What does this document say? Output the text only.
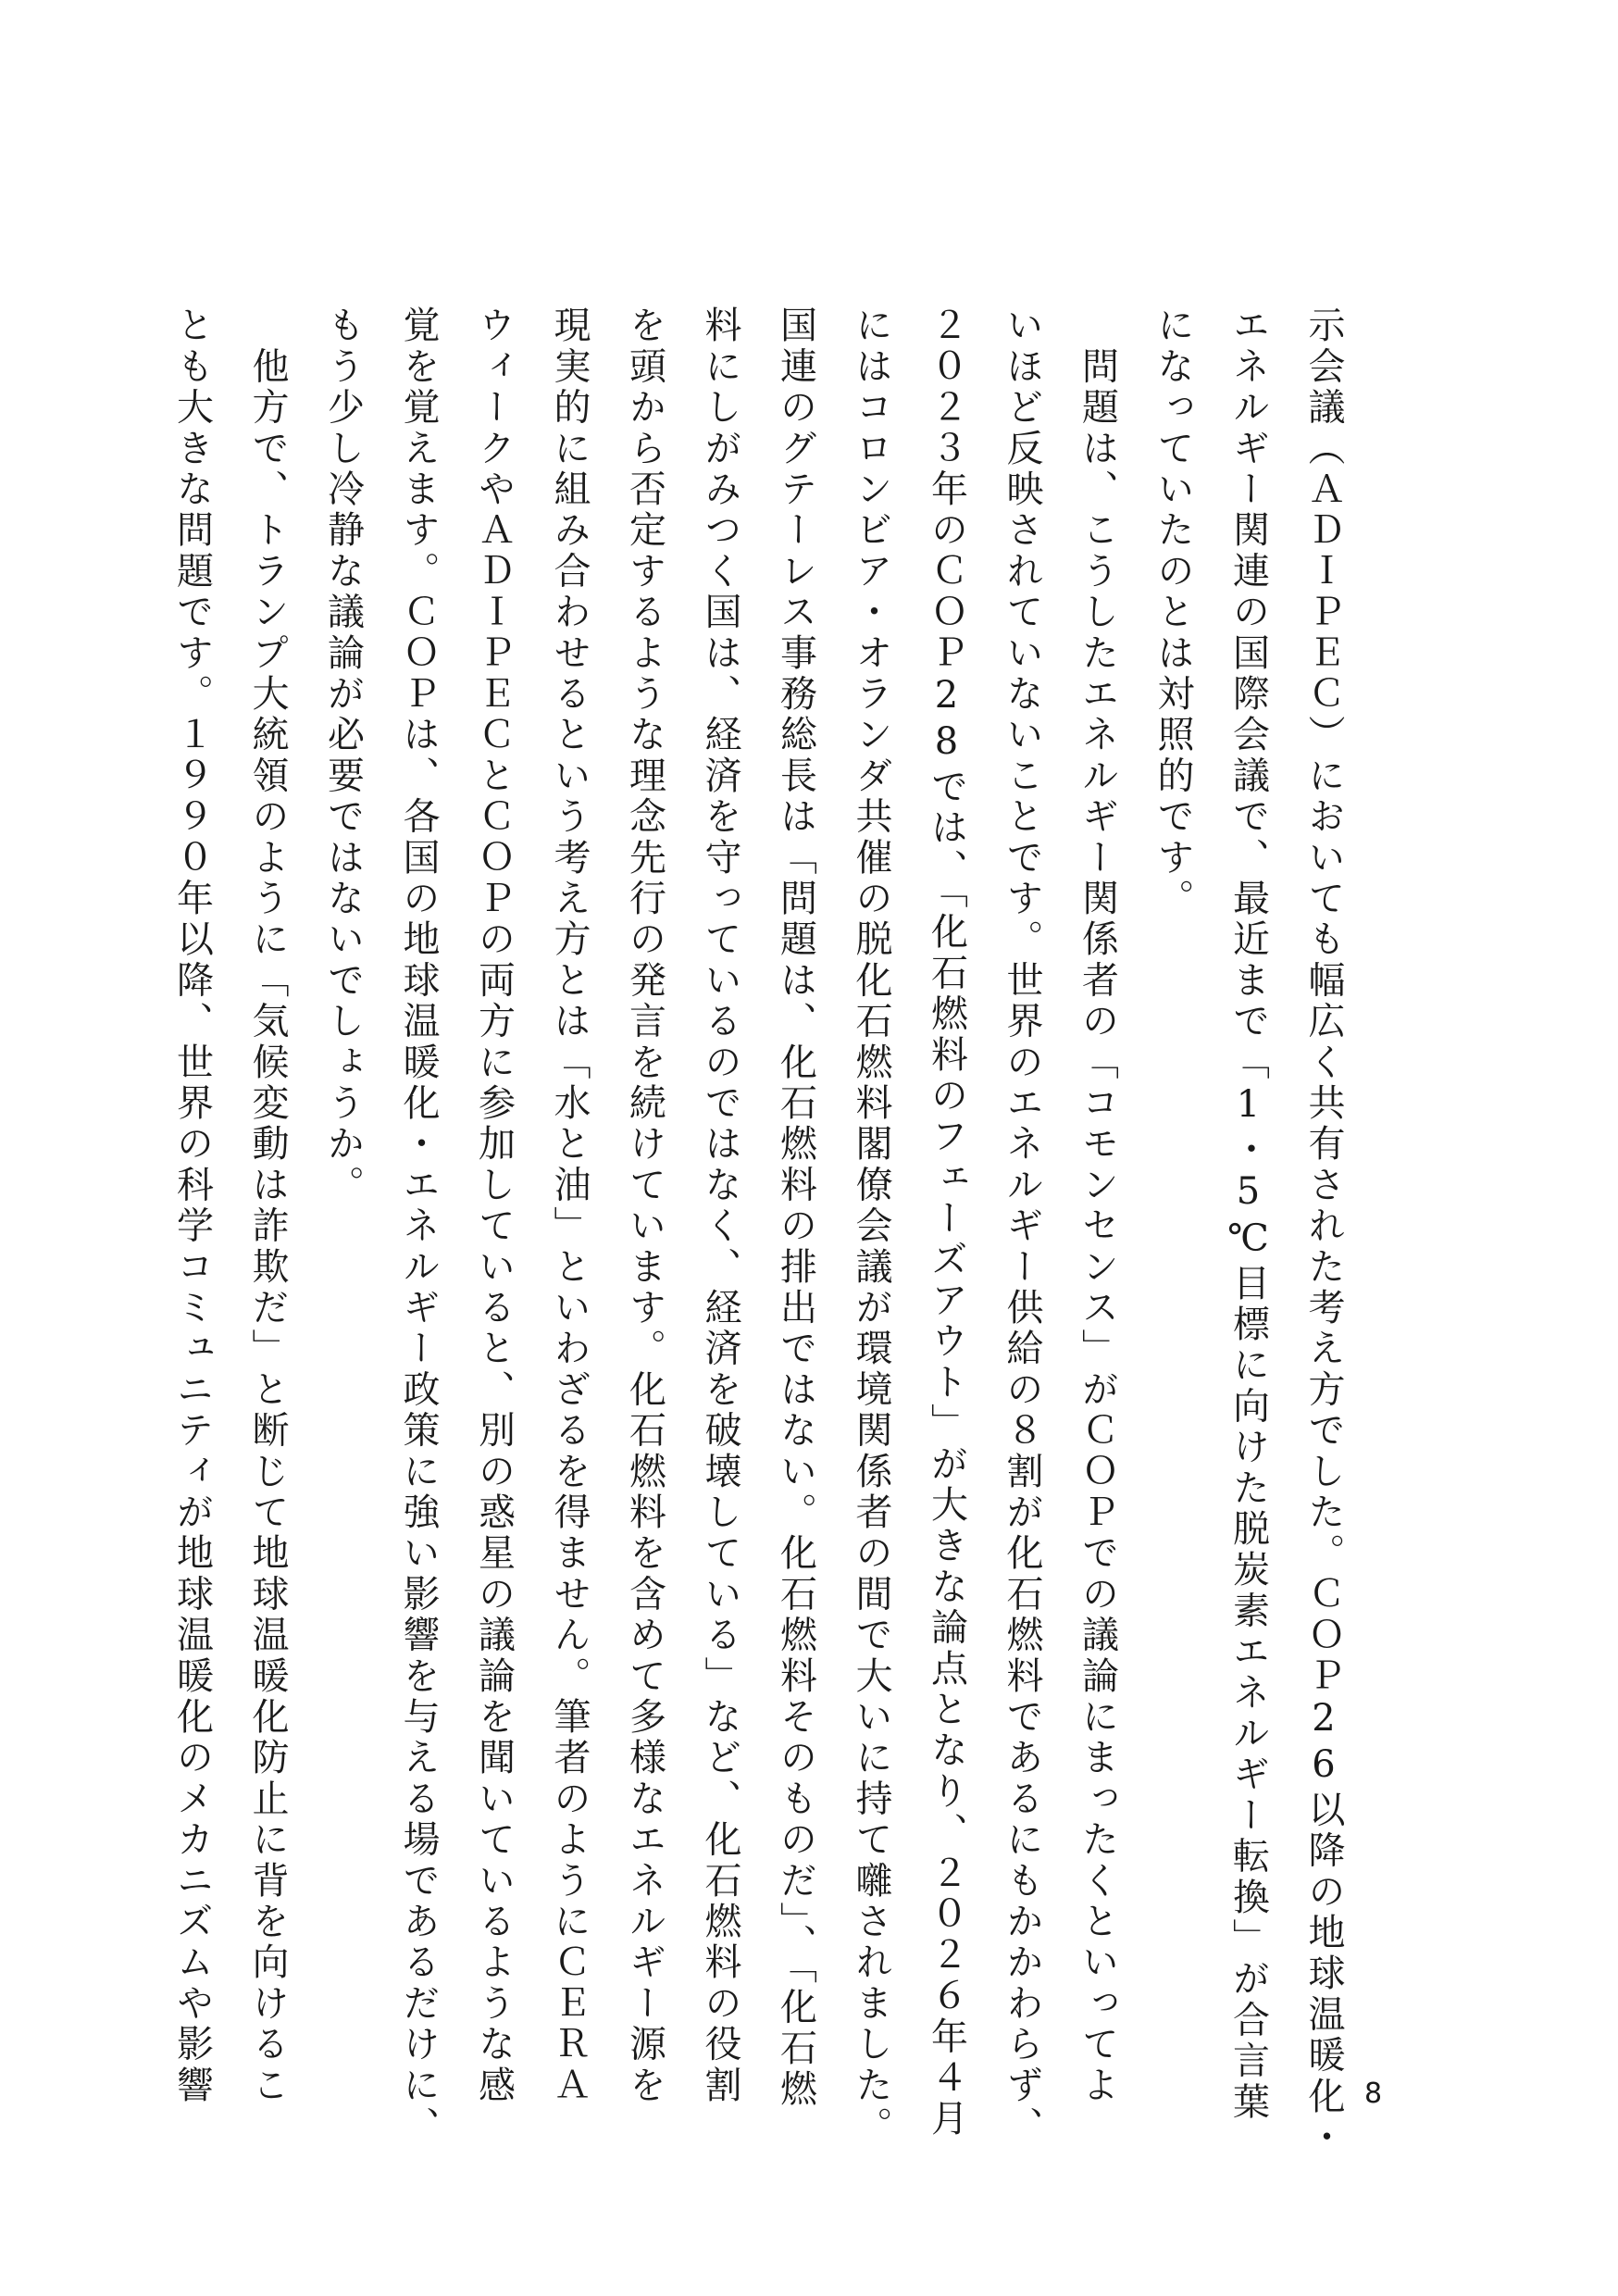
示会議（ＡＤＩＰＥＣ）においても幅広く共有された考え方でした。ＣＯＰ26以降の地球温暖化・
エネルギー関連の国際会議で、最近まで「1・5℃目標に向けた脱炭素エネルギー転換」が合言葉
になっていたのとは対照的です。
　問題は、こうしたエネルギー関係者の「コモンセンス」がＣＯＰでの議論にまったくといってよ
いほど反映されていないことです。世界のエネルギー供給の８割が化石燃料であるにもかかわらず、
２０２３年のＣＯＰ28では、「化石燃料のフェーズアウト」が大きな論点となり、２０２６年４月
にはコロンビア・オランダ共催の脱化石燃料閣僚会議が環境関係者の間で大いに持て囃されました。
国連のグテーレス事務総長は「問題は、化石燃料の排出ではない。化石燃料そのものだ」、「化石燃
料にしがみつく国は、経済を守っているのではなく、経済を破壊している」など、化石燃料の役割
を頭から否定するような理念先行の発言を続けています。化石燃料を含めて多様なエネルギー源を
現実的に組み合わせるという考え方とは「水と油」といわざるを得ません。筆者のようにＣＥＲＡ
ウィークやＡＤＩＰＥＣとＣＯＰの両方に参加していると、別の惑星の議論を聞いているような感
覚を覚えます。ＣＯＰは、各国の地球温暖化・エネルギー政策に強い影響を与える場であるだけに、
もう少し冷静な議論が必要ではないでしょうか。
　他方で、トランプ大統領のように「気候変動は詐欺だ」と断じて地球温暖化防止に背を向けるこ
とも大きな問題です。１９９０年以降、世界の科学コミュニティが地球温暖化のメカニズムや影響	8
